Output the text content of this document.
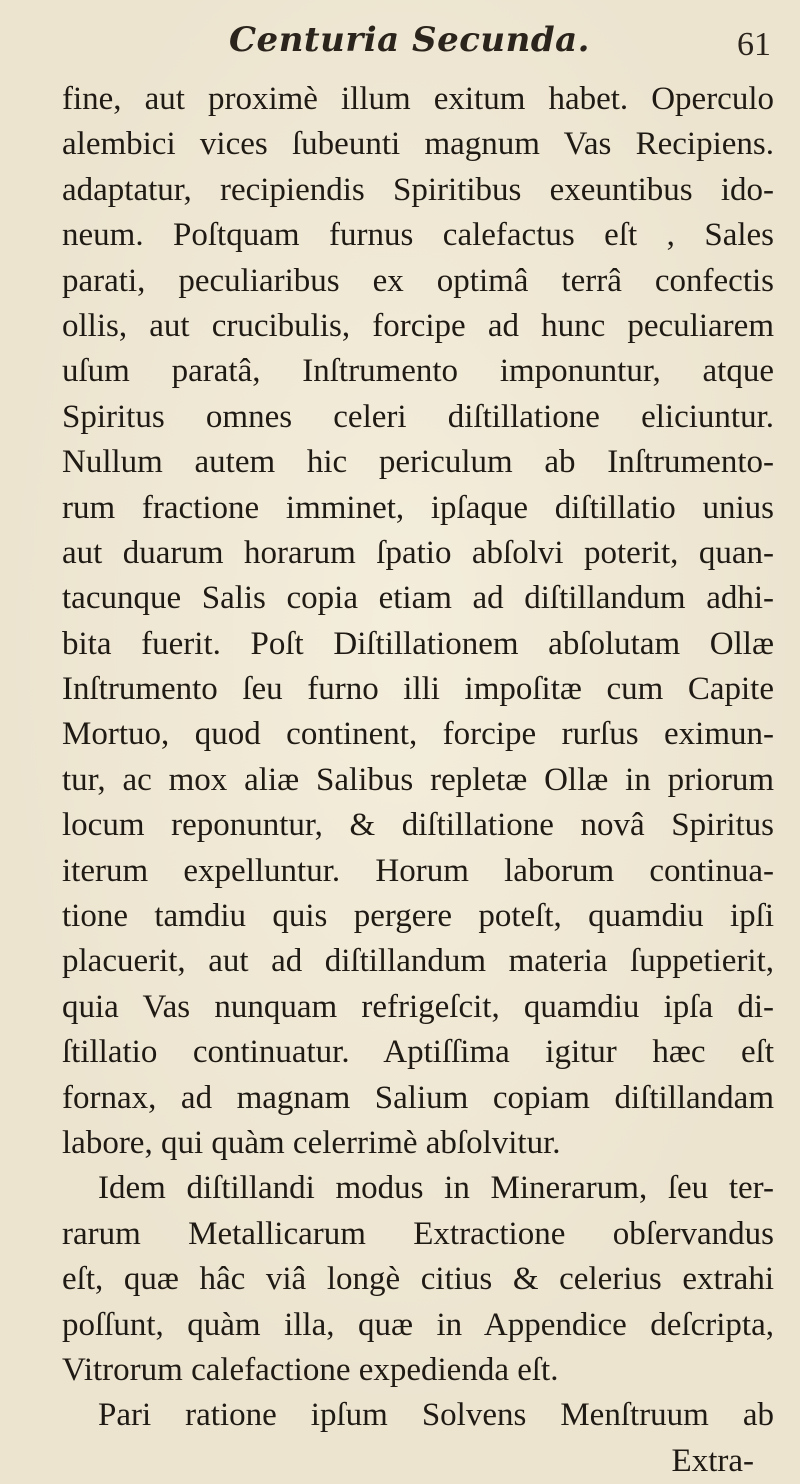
Centuria Secunda.	61
fine, aut proximè illum exitum habet. Operculo
alembici vices ſubeunti magnum Vas Recipiens.
adaptatur, recipiendis Spiritibus exeuntibus ido-
neum. Poſtquam furnus calefactus eſt , Sales
parati, peculiaribus ex optimâ terrâ confectis
ollis, aut crucibulis, forcipe ad hunc peculiarem
uſum paratâ, Inſtrumento imponuntur, atque
Spiritus omnes celeri diſtillatione eliciuntur.
Nullum autem hic periculum ab Inſtrumento-
rum fractione imminet, ipſaque diſtillatio unius
aut duarum horarum ſpatio abſolvi poterit, quan-
tacunque Salis copia etiam ad diſtillandum adhi-
bita fuerit. Poſt Diſtillationem abſolutam Ollæ
Inſtrumento ſeu furno illi impoſitæ cum Capite
Mortuo, quod continent, forcipe rurſus eximun-
tur, ac mox aliæ Salibus repletæ Ollæ in priorum
locum reponuntur, & diſtillatione novâ Spiritus
iterum expelluntur. Horum laborum continua-
tione tamdiu quis pergere poteſt, quamdiu ipſi
placuerit, aut ad diſtillandum materia ſuppetierit,
quia Vas nunquam refrigeſcit, quamdiu ipſa di-
ſtillatio continuatur. Aptiſſima igitur hæc eſt
fornax, ad magnam Salium copiam diſtillandam
labore, qui quàm celerrimè abſolvitur.
Idem diſtillandi modus in Minerarum, ſeu ter-
rarum Metallicarum Extractione obſervandus
eſt, quæ hâc viâ longè citius & celerius extrahi
poſſunt, quàm illa, quæ in Appendice deſcripta,
Vitrorum calefactione expedienda eſt.
Pari ratione ipſum Solvens Menſtruum ab
Extra-
